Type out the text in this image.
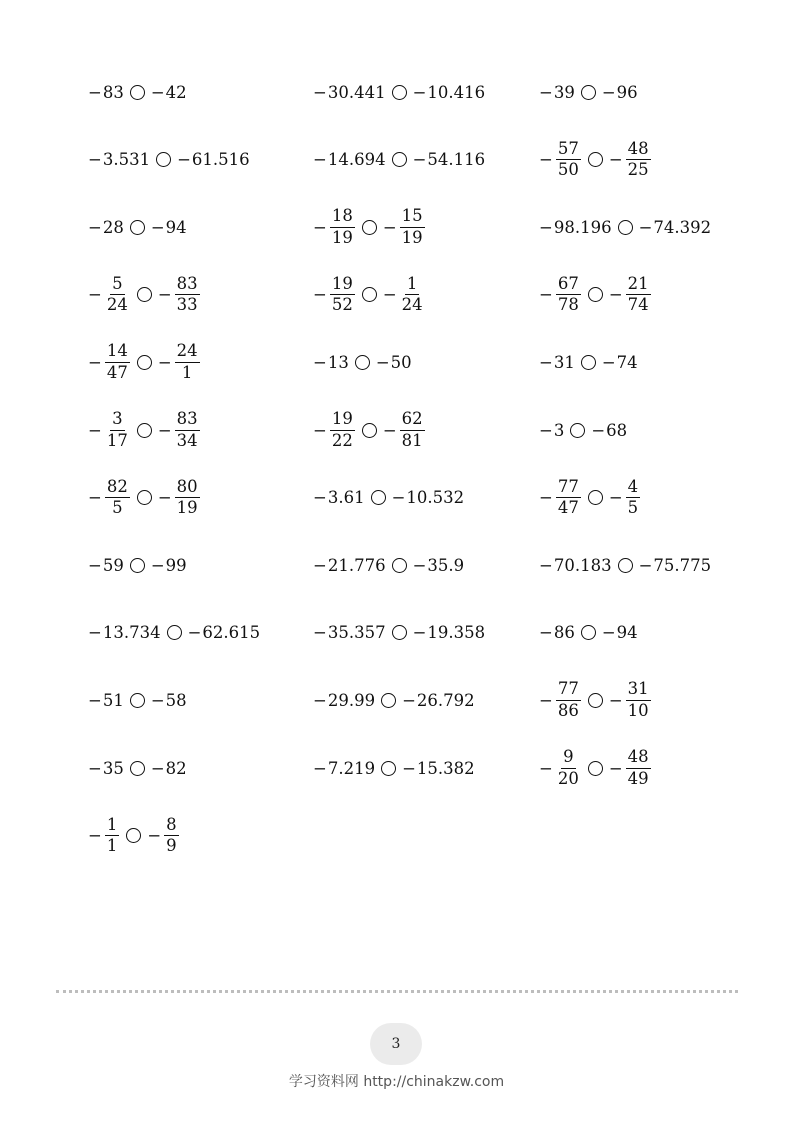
− 83 − 42	− 30.441 − 10.416	− 39 − 96
− 3.531 − 61.516	− 14.694 − 54.116	− $\frac{57}{50} - \frac{48}{25}$
− 28 − 94	− $\frac{18}{19} - \frac{15}{19}$	− 98.196 − 74.392
− $\frac{5}{24} - \frac{83}{33}$	− $\frac{19}{52} - \frac{1}{24}$	− $\frac{67}{78} - \frac{21}{74}$
− $\frac{14}{47} - \frac{24}{1}$	− 13 − 50	− 31 − 74
− $\frac{3}{17} - \frac{83}{34}$	− $\frac{19}{22} - \frac{62}{81}$	− 3 − 68
− $\frac{82}{5} - \frac{80}{19}$	− 3.61 − 10.532	− $\frac{77}{47} - \frac{4}{5}$
− 59 − 99	− 21.776 − 35.9	− 70.183 − 75.775
− 13.734 − 62.615	− 35.357 − 19.358	− 86 − 94
− 51 − 58	− 29.99 − 26.792	− $\frac{77}{86} - \frac{31}{10}$
− 35 − 82	− 7.219 − 15.382	− $\frac{9}{20} - \frac{48}{49}$
− $\frac{1}{1} - \frac{8}{9}$
3
学习资料网 http://chinakzw.com
